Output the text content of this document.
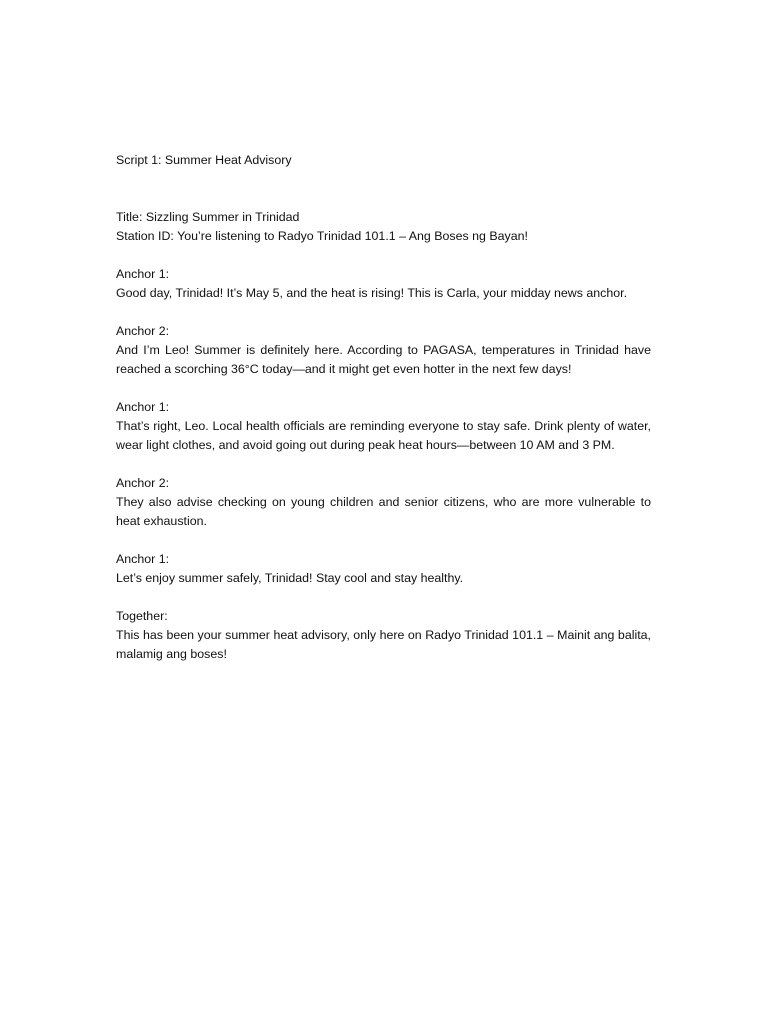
Script 1: Summer Heat Advisory

Title: Sizzling Summer in Trinidad

Station ID: You’re listening to Radyo Trinidad 101.1 – Ang Boses ng Bayan!

Anchor 1:

Good day, Trinidad! It’s May 5, and the heat is rising! This is Carla, your midday news anchor.

Anchor 2:

And I’m Leo! Summer is definitely here. According to PAGASA, temperatures in Trinidad have reached a scorching 36°C today—and it might get even hotter in the next few days!

Anchor 1:

That’s right, Leo. Local health officials are reminding everyone to stay safe. Drink plenty of water, wear light clothes, and avoid going out during peak heat hours—between 10 AM and 3 PM.

Anchor 2:

They also advise checking on young children and senior citizens, who are more vulnerable to heat exhaustion.

Anchor 1:

Let’s enjoy summer safely, Trinidad! Stay cool and stay healthy.

Together:

This has been your summer heat advisory, only here on Radyo Trinidad 101.1 – Mainit ang balita, malamig ang boses!
